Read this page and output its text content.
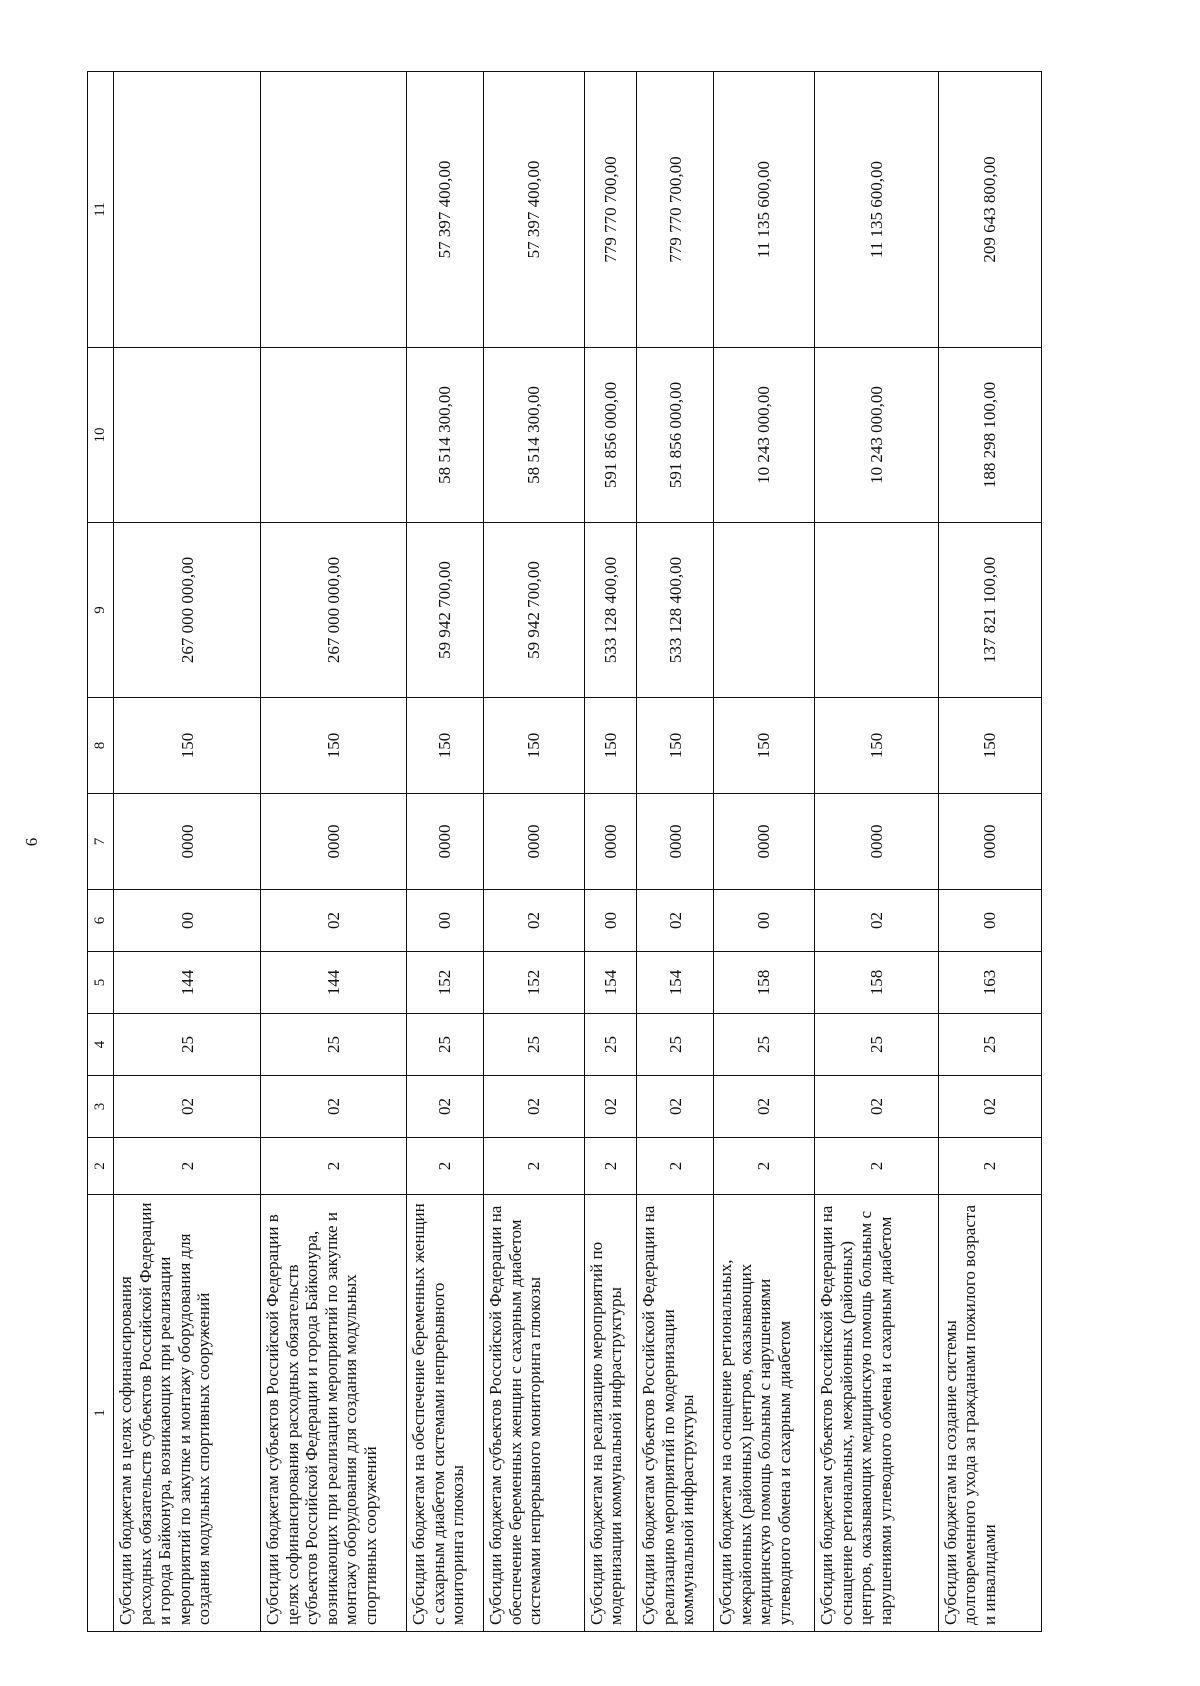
6
1	2	3	4	5	6	7	8	9	10	11
Субсидии бюджетам в целях софинансирования расходных обязательств субъектов Российской Федерации и города Байконура, возникающих при реализации мероприятий по закупке и монтажу оборудования для создания модульных спортивных сооружений	2	02	25	144	00	0000	150	267 000 000,00		
Субсидии бюджетам субъектов Российской Федерации в целях софинансирования расходных обязательств субъектов Российской Федерации и города Байконура, возникающих при реализации мероприятий по закупке и монтажу оборудования для создания модульных спортивных сооружений	2	02	25	144	02	0000	150	267 000 000,00		
Субсидии бюджетам на обеспечение беременных женщин с сахарным диабетом системами непрерывного мониторинга глюкозы	2	02	25	152	00	0000	150	59 942 700,00	58 514 300,00	57 397 400,00
Субсидии бюджетам субъектов Российской Федерации на обеспечение беременных женщин с сахарным диабетом системами непрерывного мониторинга глюкозы	2	02	25	152	02	0000	150	59 942 700,00	58 514 300,00	57 397 400,00
Субсидии бюджетам на реализацию мероприятий по модернизации коммунальной инфраструктуры	2	02	25	154	00	0000	150	533 128 400,00	591 856 000,00	779 770 700,00
Субсидии бюджетам субъектов Российской Федерации на реализацию мероприятий по модернизации коммунальной инфраструктуры	2	02	25	154	02	0000	150	533 128 400,00	591 856 000,00	779 770 700,00
Субсидии бюджетам на оснащение региональных, межрайонных (районных) центров, оказывающих медицинскую помощь больным с нарушениями углеводного обмена и сахарным диабетом	2	02	25	158	00	0000	150		10 243 000,00	11 135 600,00
Субсидии бюджетам субъектов Российской Федерации на оснащение региональных, межрайонных (районных) центров, оказывающих медицинскую помощь больным с нарушениями углеводного обмена и сахарным диабетом	2	02	25	158	02	0000	150		10 243 000,00	11 135 600,00
Субсидии бюджетам на создание системы долговременного ухода за гражданами пожилого возраста и инвалидами	2	02	25	163	00	0000	150	137 821 100,00	188 298 100,00	209 643 800,00
